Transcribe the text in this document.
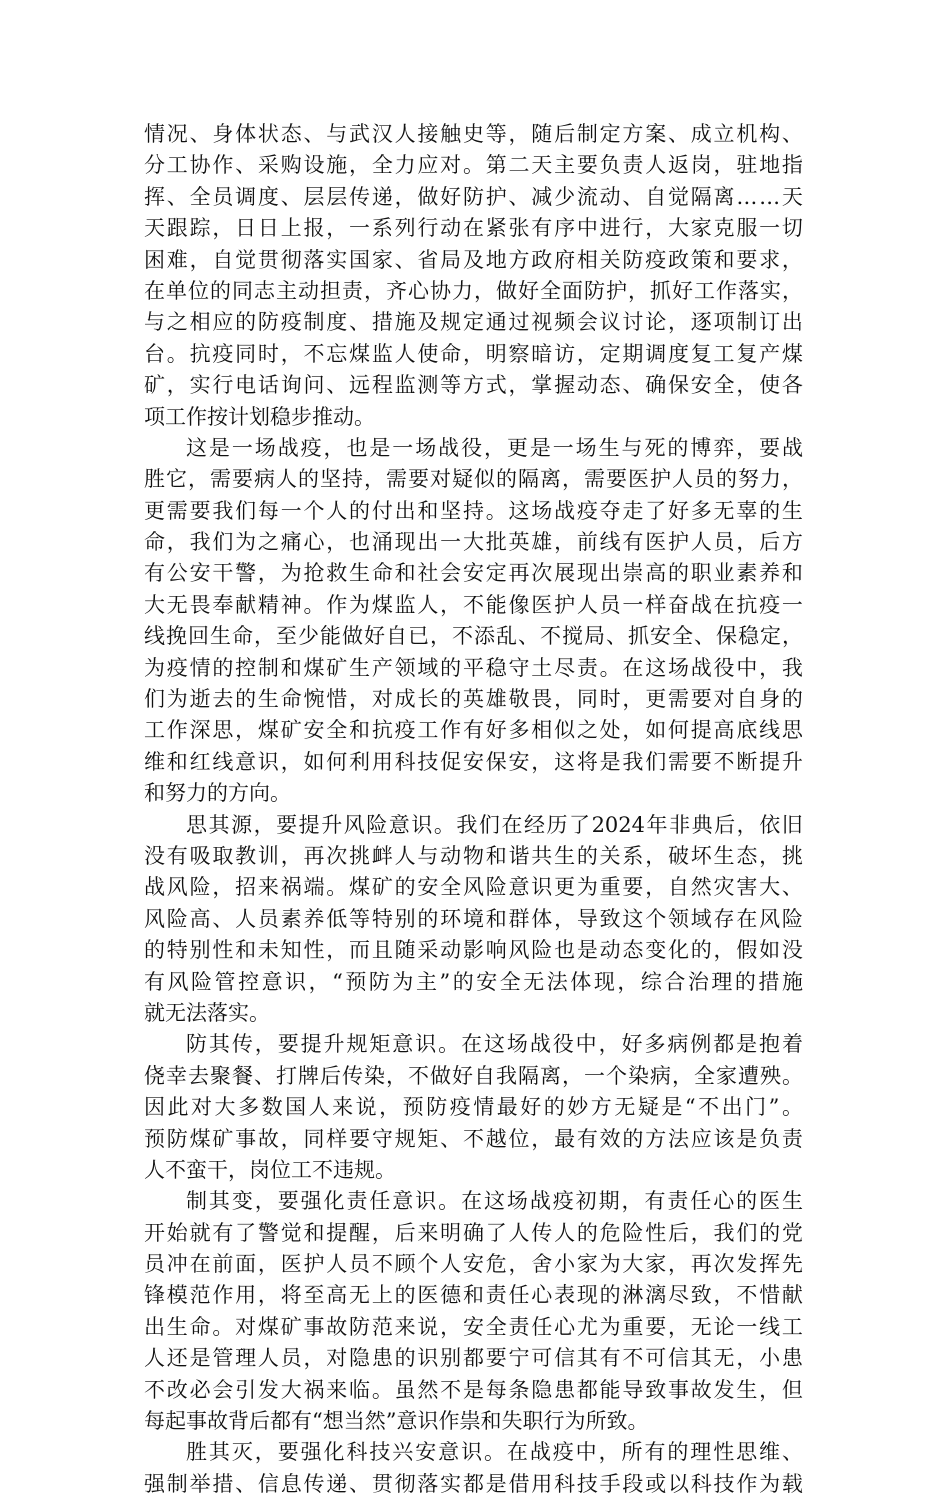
情 况 、 身 体 状 态 、 与 武 汉 人 接 触 史 等 ， 随 后 制 定 方 案 、 成 立 机 构 、
分 工 协 作 、 采 购 设 施 ， 全 力 应 对 。 第 二 天 主 要 负 责 人 返 岗 ， 驻 地 指
挥 、 全 员 调 度 、 层 层 传 递 ， 做 好 防 护 、 减 少 流 动 、 自 觉 隔 离 … … 天
天 跟 踪 ， 日 日 上 报 ， 一 系 列 行 动 在 紧 张 有 序 中 进 行 ， 大 家 克 服 一 切
困 难 ， 自 觉 贯 彻 落 实 国 家 、 省 局 及 地 方 政 府 相 关 防 疫 政 策 和 要 求 ，
在 单 位 的 同 志 主 动 担 责 ， 齐 心 协 力 ， 做 好 全 面 防 护 ， 抓 好 工 作 落 实 ，
与 之 相 应 的 防 疫 制 度 、 措 施 及 规 定 通 过 视 频 会 议 讨 论 ， 逐 项 制 订 出
台 。 抗 疫 同 时 ， 不 忘 煤 监 人 使 命 ， 明 察 暗 访 ， 定 期 调 度 复 工 复 产 煤
矿 ， 实 行 电 话 询 问 、 远 程 监 测 等 方 式 ， 掌 握 动 态 、 确 保 安 全 ， 使 各
项工作按计划稳步推动。
这 是 一 场 战 疫 ， 也 是 一 场 战 役 ， 更 是 一 场 生 与 死 的 博 弈 ， 要 战
胜 它 ， 需 要 病 人 的 坚 持 ， 需 要 对 疑 似 的 隔 离 ， 需 要 医 护 人 员 的 努 力 ，
更 需 要 我 们 每 一 个 人 的 付 出 和 坚 持 。 这 场 战 疫 夺 走 了 好 多 无 辜 的 生
命 ， 我 们 为 之 痛 心 ， 也 涌 现 出 一 大 批 英 雄 ， 前 线 有 医 护 人 员 ， 后 方
有 公 安 干 警 ， 为 抢 救 生 命 和 社 会 安 定 再 次 展 现 出 崇 高 的 职 业 素 养 和
大 无 畏 奉 献 精 神 。 作 为 煤 监 人 ， 不 能 像 医 护 人 员 一 样 奋 战 在 抗 疫 一
线 挽 回 生 命 ， 至 少 能 做 好 自 已 ， 不 添 乱 、 不 搅 局 、 抓 安 全 、 保 稳 定 ，
为 疫 情 的 控 制 和 煤 矿 生 产 领 域 的 平 稳 守 土 尽 责 。 在 这 场 战 役 中 ， 我
们 为 逝 去 的 生 命 惋 惜 ， 对 成 长 的 英 雄 敬 畏 ， 同 时 ， 更 需 要 对 自 身 的
工 作 深 思 ， 煤 矿 安 全 和 抗 疫 工 作 有 好 多 相 似 之 处 ， 如 何 提 高 底 线 思
维 和 红 线 意 识 ， 如 何 利 用 科 技 促 安 保 安 ， 这 将 是 我 们 需 要 不 断 提 升
和努力的方向。
思 其 源 ， 要 提 升 风 险 意 识 。 我 们 在 经 历 了 2024 年 非 典 后 ， 依 旧
没 有 吸 取 教 训 ， 再 次 挑 衅 人 与 动 物 和 谐 共 生 的 关 系 ， 破 坏 生 态 ， 挑
战 风 险 ， 招 来 祸 端 。 煤 矿 的 安 全 风 险 意 识 更 为 重 要 ， 自 然 灾 害 大 、
风 险 高 、 人 员 素 养 低 等 特 别 的 环 境 和 群 体 ， 导 致 这 个 领 域 存 在 风 险
的 特 别 性 和 未 知 性 ， 而 且 随 采 动 影 响 风 险 也 是 动 态 变 化 的 ， 假 如 没
有 风 险 管 控 意 识 ， “ 预 防 为 主 ” 的 安 全 无 法 体 现 ， 综 合 治 理 的 措 施
就无法落实。
防 其 传 ， 要 提 升 规 矩 意 识 。 在 这 场 战 役 中 ， 好 多 病 例 都 是 抱 着
侥 幸 去 聚 餐 、 打 牌 后 传 染 ， 不 做 好 自 我 隔 离 ， 一 个 染 病 ， 全 家 遭 殃 。
因 此 对 大 多 数 国 人 来 说 ， 预 防 疫 情 最 好 的 妙 方 无 疑 是 “ 不 出 门 ” 。
预 防 煤 矿 事 故 ， 同 样 要 守 规 矩 、 不 越 位 ， 最 有 效 的 方 法 应 该 是 负 责
人不蛮干，岗位工不违规。
制 其 变 ， 要 强 化 责 任 意 识 。 在 这 场 战 疫 初 期 ， 有 责 任 心 的 医 生
开 始 就 有 了 警 觉 和 提 醒 ， 后 来 明 确 了 人 传 人 的 危 险 性 后 ， 我 们 的 党
员 冲 在 前 面 ， 医 护 人 员 不 顾 个 人 安 危 ， 舍 小 家 为 大 家 ， 再 次 发 挥 先
锋 模 范 作 用 ， 将 至 高 无 上 的 医 德 和 责 任 心 表 现 的 淋 漓 尽 致 ， 不 惜 献
出 生 命 。 对 煤 矿 事 故 防 范 来 说 ， 安 全 责 任 心 尤 为 重 要 ， 无 论 一 线 工
人 还 是 管 理 人 员 ， 对 隐 患 的 识 别 都 要 宁 可 信 其 有 不 可 信 其 无 ， 小 患
不 改 必 会 引 发 大 祸 来 临 。 虽 然 不 是 每 条 隐 患 都 能 导 致 事 故 发 生 ， 但
每起事故背后都有“想当然”意识作祟和失职行为所致。
胜 其 灭 ， 要 强 化 科 技 兴 安 意 识 。 在 战 疫 中 ， 所 有 的 理 性 思 维 、
强 制 举 措 、 信 息 传 递 、 贯 彻 落 实 都 是 借 用 科 技 手 段 或 以 科 技 作 为 载
